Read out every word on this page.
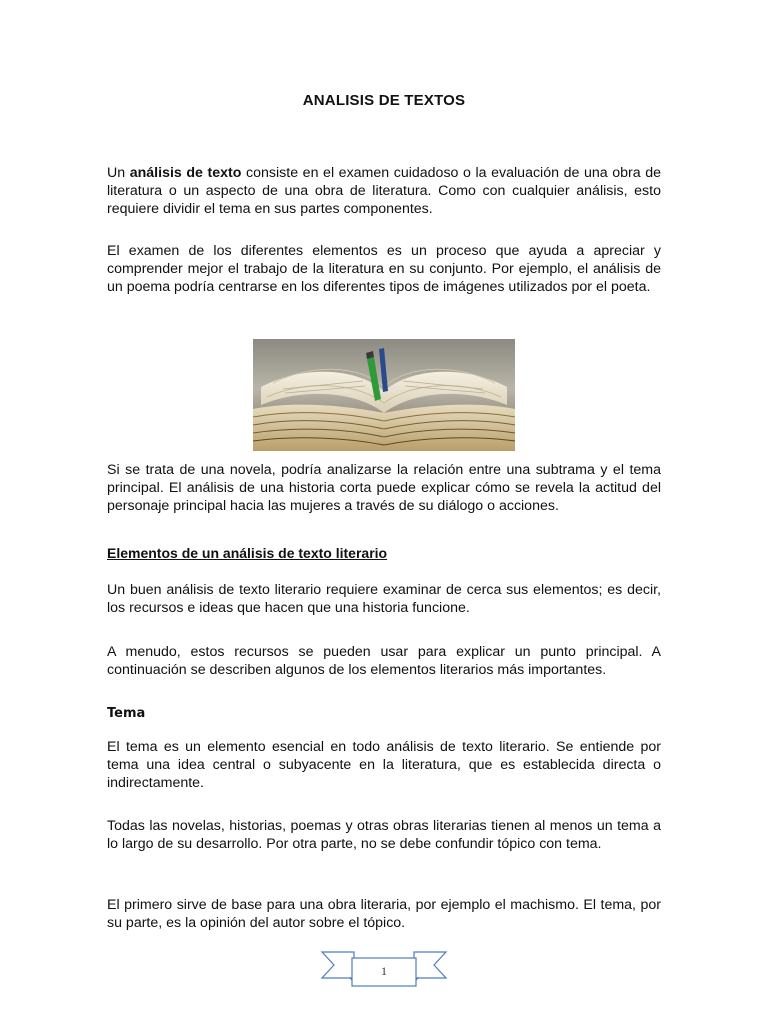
ANALISIS DE TEXTOS

Un análisis de texto consiste en el examen cuidadoso o la evaluación de una obra de literatura o un aspecto de una obra de literatura. Como con cualquier análisis, esto requiere dividir el tema en sus partes componentes.

El examen de los diferentes elementos es un proceso que ayuda a apreciar y comprender mejor el trabajo de la literatura en su conjunto. Por ejemplo, el análisis de un poema podría centrarse en los diferentes tipos de imágenes utilizados por el poeta.

Si se trata de una novela, podría analizarse la relación entre una subtrama y el tema principal. El análisis de una historia corta puede explicar cómo se revela la actitud del personaje principal hacia las mujeres a través de su diálogo o acciones.

Elementos de un análisis de texto literario

Un buen análisis de texto literario requiere examinar de cerca sus elementos; es decir, los recursos e ideas que hacen que una historia funcione.

A menudo, estos recursos se pueden usar para explicar un punto principal. A continuación se describen algunos de los elementos literarios más importantes.

Tema

El tema es un elemento esencial en todo análisis de texto literario. Se entiende por tema una idea central o subyacente en la literatura, que es establecida directa o indirectamente.

Todas las novelas, historias, poemas y otras obras literarias tienen al menos un tema a lo largo de su desarrollo. Por otra parte, no se debe confundir tópico con tema.

El primero sirve de base para una obra literaria, por ejemplo el machismo. El tema, por su parte, es la opinión del autor sobre el tópico.

1
